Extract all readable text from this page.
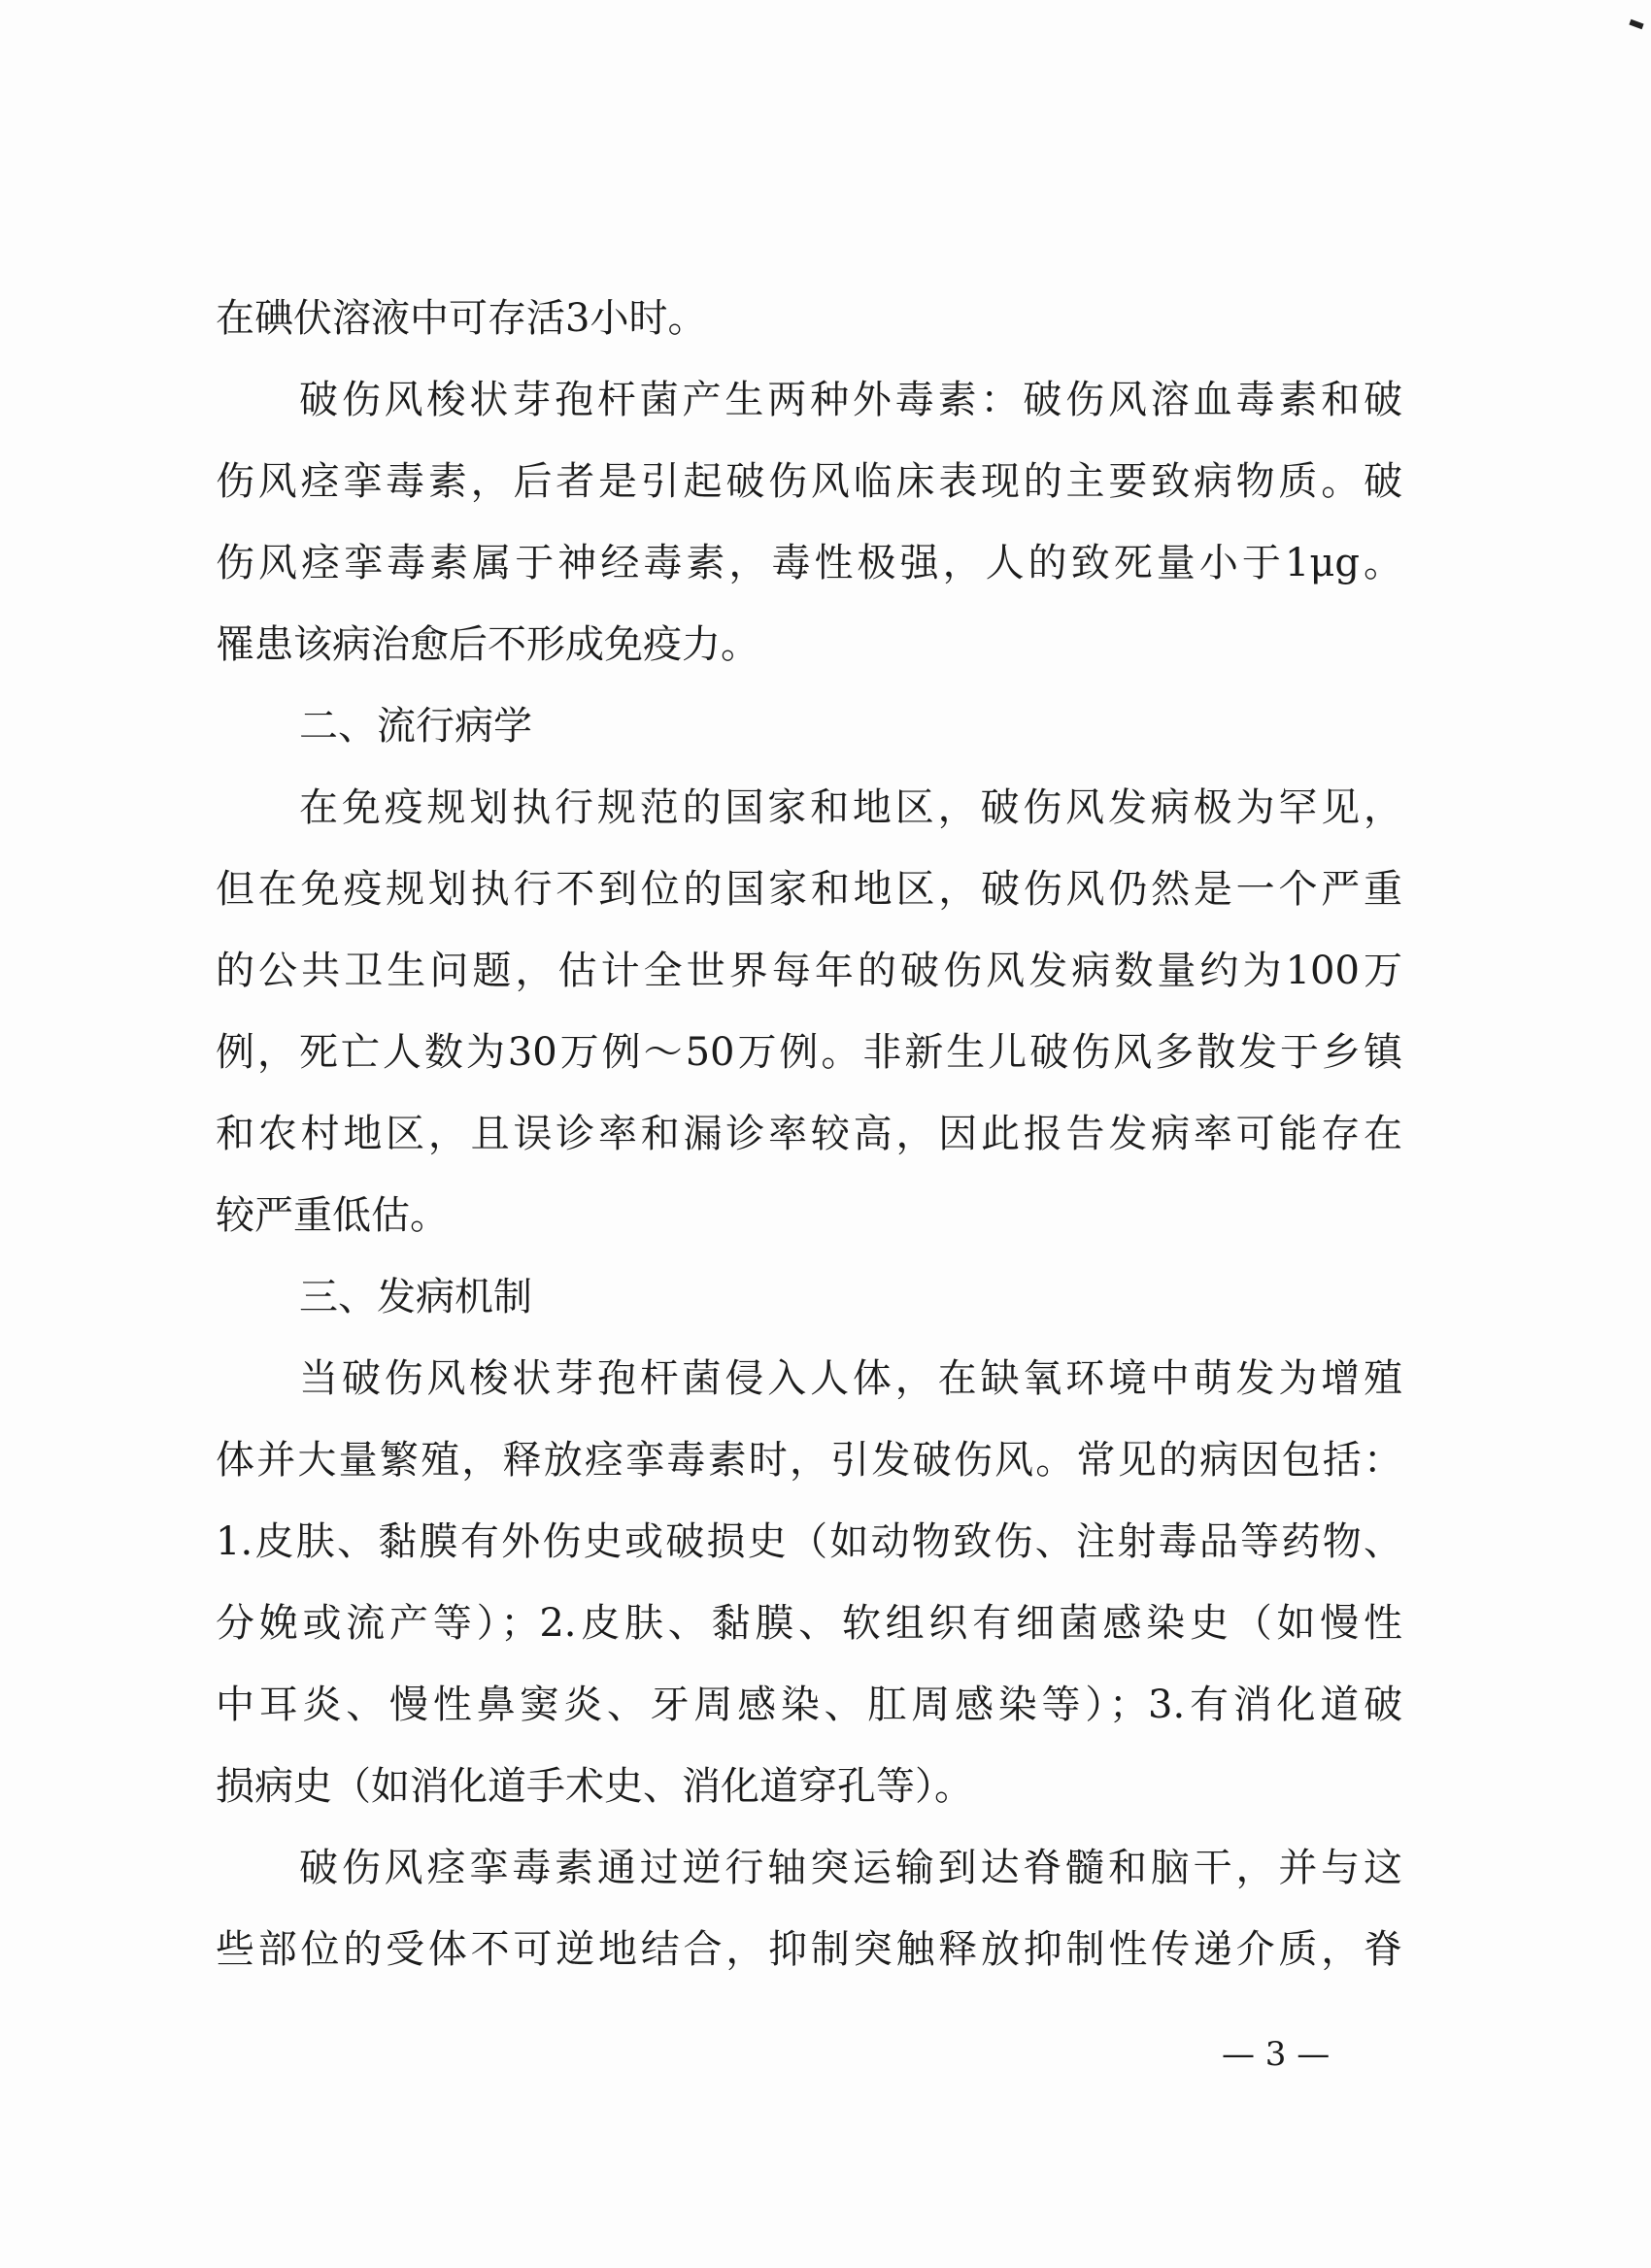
在碘伏溶液中可存活3小时。
破伤风梭状芽孢杆菌产生两种外毒素：破伤风溶血毒素和破
伤风痉挛毒素，后者是引起破伤风临床表现的主要致病物质。破
伤风痉挛毒素属于神经毒素，毒性极强，人的致死量小于1μg。
罹患该病治愈后不形成免疫力。
二、流行病学
在免疫规划执行规范的国家和地区，破伤风发病极为罕见，
但在免疫规划执行不到位的国家和地区，破伤风仍然是一个严重
的公共卫生问题，估计全世界每年的破伤风发病数量约为100万
例，死亡人数为30万例～50万例。非新生儿破伤风多散发于乡镇
和农村地区，且误诊率和漏诊率较高，因此报告发病率可能存在
较严重低估。
三、发病机制
当破伤风梭状芽孢杆菌侵入人体，在缺氧环境中萌发为增殖
体并大量繁殖，释放痉挛毒素时，引发破伤风。常见的病因包括：
1.皮肤、黏膜有外伤史或破损史（如动物致伤、注射毒品等药物、
分娩或流产等）；2.皮肤、黏膜、软组织有细菌感染史（如慢性
中耳炎、慢性鼻窦炎、牙周感染、肛周感染等）；3.有消化道破
损病史（如消化道手术史、消化道穿孔等）。
破伤风痉挛毒素通过逆行轴突运输到达脊髓和脑干，并与这
些部位的受体不可逆地结合，抑制突触释放抑制性传递介质，脊
— 3 —
